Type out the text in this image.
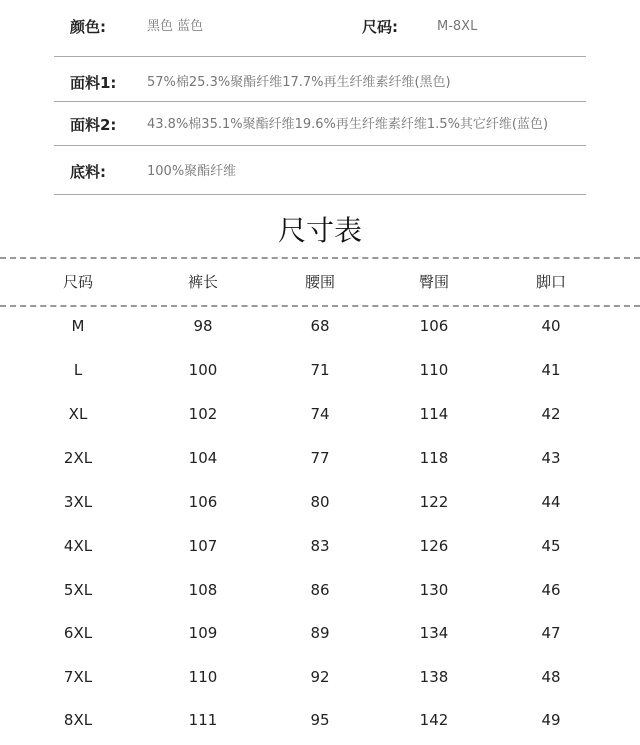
颜色:	黑色 蓝色	尺码:	M-8XL
面料1: 57%棉25.3%聚酯纤维17.7%再生纤维素纤维(黑色)
面料2: 43.8%棉35.1%聚酯纤维19.6%再生纤维素纤维1.5%其它纤维(蓝色)
底料:	100%聚酯纤维
尺寸表
尺码	裤长	腰围	臀围	脚口
M	98	68	106	40
L	100	71	110	41
XL	102	74	114	42
2XL	104	77	118	43
3XL	106	80	122	44
4XL	107	83	126	45
5XL	108	86	130	46
6XL	109	89	134	47
7XL	110	92	138	48
8XL	111	95	142	49
